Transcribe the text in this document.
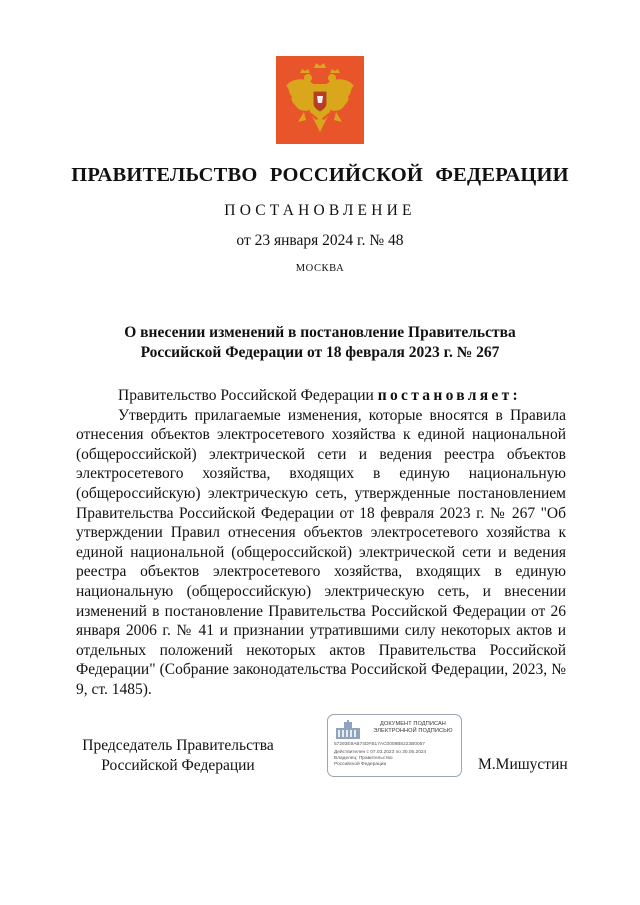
ПРАВИТЕЛЬСТВО РОССИЙСКОЙ ФЕДЕРАЦИИ
ПОСТАНОВЛЕНИЕ
от 23 января 2024 г. № 48
МОСКВА
О внесении изменений в постановление Правительства
Российской Федерации от 18 февраля 2023 г. № 267

Правительство Российской Федерации постановляет:

Утвердить прилагаемые изменения, которые вносятся в Правила отнесения объектов электросетевого хозяйства к единой национальной (общероссийской) электрической сети и ведения реестра объектов электросетевого хозяйства, входящих в единую национальную (общероссийскую) электрическую сеть, утвержденные постановлением Правительства Российской Федерации от 18 февраля 2023 г. № 267 "Об утверждении Правил отнесения объектов электросетевого хозяйства к единой национальной (общероссийской) электрической сети и ведения реестра объектов электросетевого хозяйства, входящих в единую национальную (общероссийскую) электрическую сеть, и внесении изменений в постановление Правительства Российской Федерации от 26 января 2006 г. № 41 и признании утратившими силу некоторых актов и отдельных положений некоторых актов Правительства Российской Федерации" (Собрание законодательства Российской Федерации, 2023, № 9, ст. 1485).

Председатель Правительства
Российской Федерации
ДОКУМЕНТ ПОДПИСАН
ЭЛЕКТРОННОЙ ПОДПИСЬЮ
57293E9AB74DFB17AC0008B8223B0057
Действителен с 07.03.2023 по 30.05.2024
Владелец: Правительство Российской Федерации	М.Мишустин
